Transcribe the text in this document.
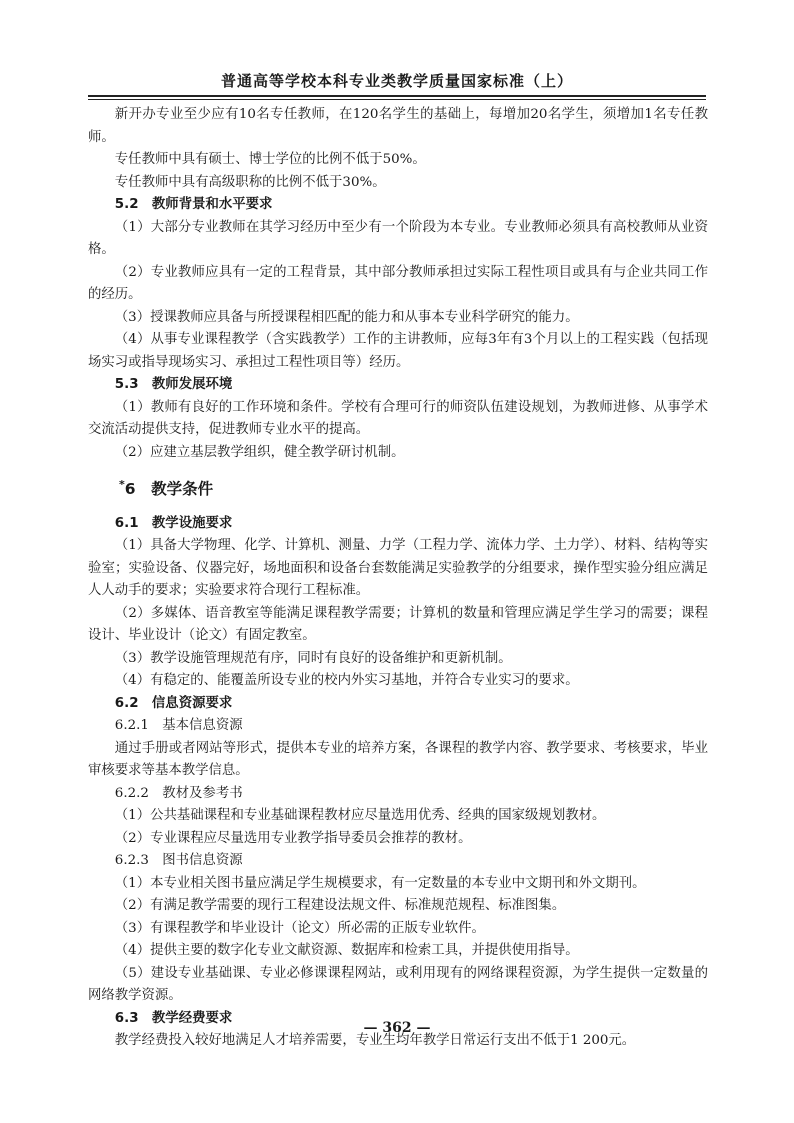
普通高等学校本科专业类教学质量国家标准（上）

新开办专业至少应有10名专任教师，在120名学生的基础上，每增加20名学生，须增加1名专任教师。

专任教师中具有硕士、博士学位的比例不低于50%。

专任教师中具有高级职称的比例不低于30%。

5.2 教师背景和水平要求

（1）大部分专业教师在其学习经历中至少有一个阶段为本专业。专业教师必须具有高校教师从业资格。

（2）专业教师应具有一定的工程背景，其中部分教师承担过实际工程性项目或具有与企业共同工作的经历。

（3）授课教师应具备与所授课程相匹配的能力和从事本专业科学研究的能力。

（4）从事专业课程教学（含实践教学）工作的主讲教师，应每3年有3个月以上的工程实践（包括现场实习或指导现场实习、承担过工程性项目等）经历。

5.3 教师发展环境

（1）教师有良好的工作环境和条件。学校有合理可行的师资队伍建设规划，为教师进修、从事学术交流活动提供支持，促进教师专业水平的提高。

（2）应建立基层教学组织，健全教学研讨机制。

*6 教学条件

6.1 教学设施要求

（1）具备大学物理、化学、计算机、测量、力学（工程力学、流体力学、土力学）、材料、结构等实验室；实验设备、仪器完好，场地面积和设备台套数能满足实验教学的分组要求，操作型实验分组应满足人人动手的要求；实验要求符合现行工程标准。

（2）多媒体、语音教室等能满足课程教学需要；计算机的数量和管理应满足学生学习的需要；课程设计、毕业设计（论文）有固定教室。

（3）教学设施管理规范有序，同时有良好的设备维护和更新机制。

（4）有稳定的、能覆盖所设专业的校内外实习基地，并符合专业实习的要求。

6.2 信息资源要求

6.2.1 基本信息资源

通过手册或者网站等形式，提供本专业的培养方案，各课程的教学内容、教学要求、考核要求，毕业审核要求等基本教学信息。

6.2.2 教材及参考书

（1）公共基础课程和专业基础课程教材应尽量选用优秀、经典的国家级规划教材。

（2）专业课程应尽量选用专业教学指导委员会推荐的教材。

6.2.3 图书信息资源

（1）本专业相关图书量应满足学生规模要求，有一定数量的本专业中文期刊和外文期刊。

（2）有满足教学需要的现行工程建设法规文件、标准规范规程、标准图集。

（3）有课程教学和毕业设计（论文）所必需的正版专业软件。

（4）提供主要的数字化专业文献资源、数据库和检索工具，并提供使用指导。

（5）建设专业基础课、专业必修课课程网站，或利用现有的网络课程资源，为学生提供一定数量的网络教学资源。

6.3 教学经费要求

教学经费投入较好地满足人才培养需要，专业生均年教学日常运行支出不低于1 200元。

— 362 —
